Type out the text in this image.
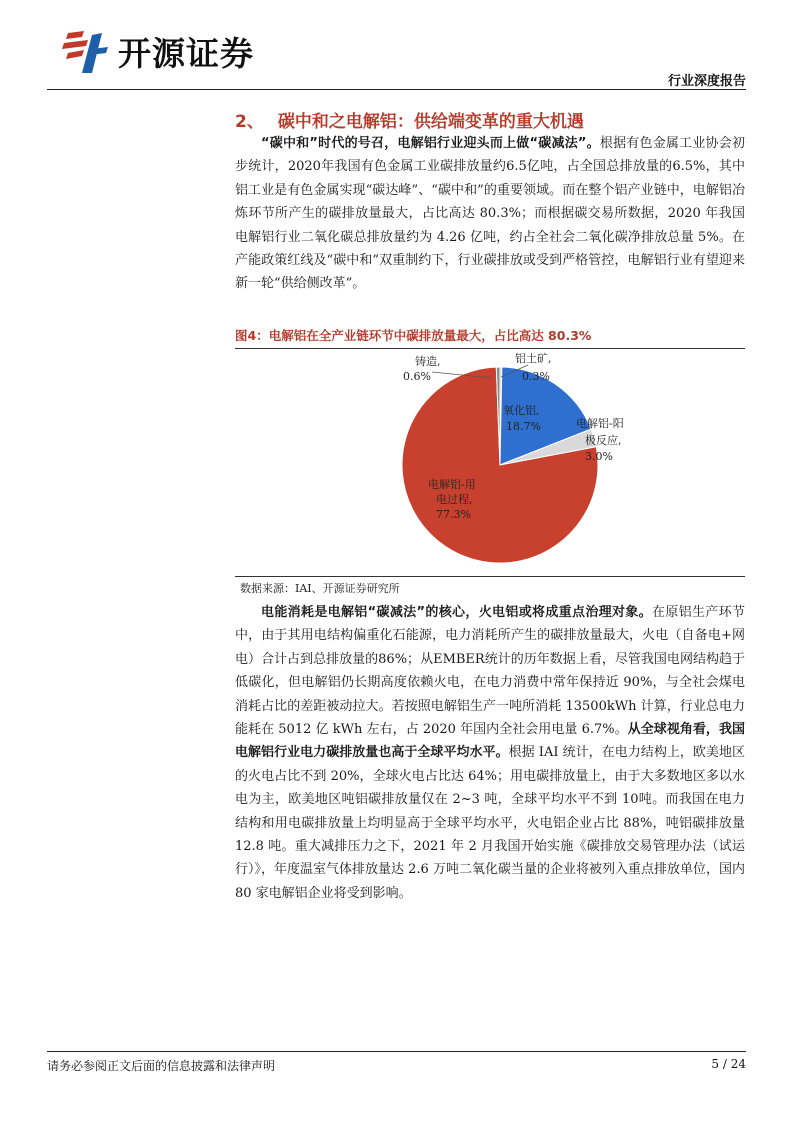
开源证券
行业深度报告
2、 碳中和之电解铝：供给端变革的重大机遇
“碳中和”时代的号召，电解铝行业迎头而上做“碳减法”。根据有色金属工业协会初步统计，2020年我国有色金属工业碳排放量约6.5亿吨，占全国总排放量的6.5%，其中铝工业是有色金属实现“碳达峰”、“碳中和”的重要领域。而在整个铝产业链中，电解铝冶炼环节所产生的碳排放量最大，占比高达 80.3%；而根据碳交易所数据，2020 年我国电解铝行业二氧化碳总排放量约为 4.26 亿吨，约占全社会二氧化碳净排放总量 5%。在产能政策红线及“碳中和”双重制约下，行业碳排放或受到严格管控，电解铝行业有望迎来新一轮“供给侧改革”。
图4：电解铝在全产业链环节中碳排放量最大，占比高达 80.3%
铸造,
0.6%
铝土矿,
0.3%
氧化铝,
18.7%	电解铝-阳
极反应,
3.0%
电解铝-用
电过程,
77.3%
数据来源：IAI、开源证券研究所
电能消耗是电解铝“碳减法”的核心，火电铝或将成重点治理对象。在原铝生产环节中，由于其用电结构偏重化石能源，电力消耗所产生的碳排放量最大，火电（自备电+网电）合计占到总排放量的86%；从EMBER统计的历年数据上看，尽管我国电网结构趋于低碳化，但电解铝仍长期高度依赖火电，在电力消费中常年保持近 90%，与全社会煤电消耗占比的差距被动拉大。若按照电解铝生产一吨所消耗 13500kWh 计算，行业总电力能耗在 5012 亿 kWh 左右，占 2020 年国内全社会用电量 6.7%。从全球视角看，我国电解铝行业电力碳排放量也高于全球平均水平。根据 IAI 统计，在电力结构上，欧美地区的火电占比不到 20%，全球火电占比达 64%；用电碳排放量上，由于大多数地区多以水电为主，欧美地区吨铝碳排放量仅在 2~3 吨，全球平均水平不到 10吨。而我国在电力结构和用电碳排放量上均明显高于全球平均水平，火电铝企业占比 88%，吨铝碳排放量 12.8 吨。重大减排压力之下，2021 年 2 月我国开始实施《碳排放交易管理办法（试运行）》，年度温室气体排放量达 2.6 万吨二氧化碳当量的企业将被列入重点排放单位，国内 80 家电解铝企业将受到影响。
请务必参阅正文后面的信息披露和法律声明	5 / 24
